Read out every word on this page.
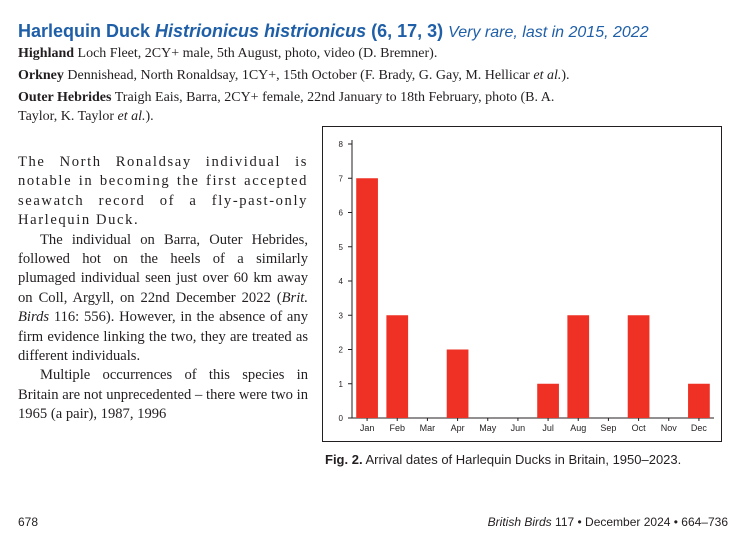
Harlequin Duck Histrionicus histrionicus (6, 17, 3) Very rare, last in 2015, 2022
Highland Loch Fleet, 2CY+ male, 5th August, photo, video (D. Bremner).
Orkney Dennishead, North Ronaldsay, 1CY+, 15th October (F. Brady, G. Gay, M. Hellicar et al.).
Outer Hebrides Traigh Eais, Barra, 2CY+ female, 22nd January to 18th February, photo (B. A.
Taylor, K. Taylor et al.).

The North Ronaldsay individual is notable in becoming the first accepted seawatch record of a fly-past-only Harlequin Duck.

The individual on Barra, Outer Hebrides, followed hot on the heels of a similarly plumaged individual seen just over 60 km away on Coll, Argyll, on 22nd December 2022 (Brit. Birds 116: 556). However, in the absence of any firm evidence linking the two, they are treated as different individuals.

Multiple occurrences of this species in Britain are not unprecedented – there were two in 1965 (a pair), 1987, 1996	0
1
2
3
4
5
6
7
8
Jan Feb Mar Apr May Jun Jul Aug Sep Oct Nov Dec
Fig. 2. Arrival dates of Harlequin Ducks in Britain, 1950–2023.
678	British Birds 117 • December 2024 • 664–736
